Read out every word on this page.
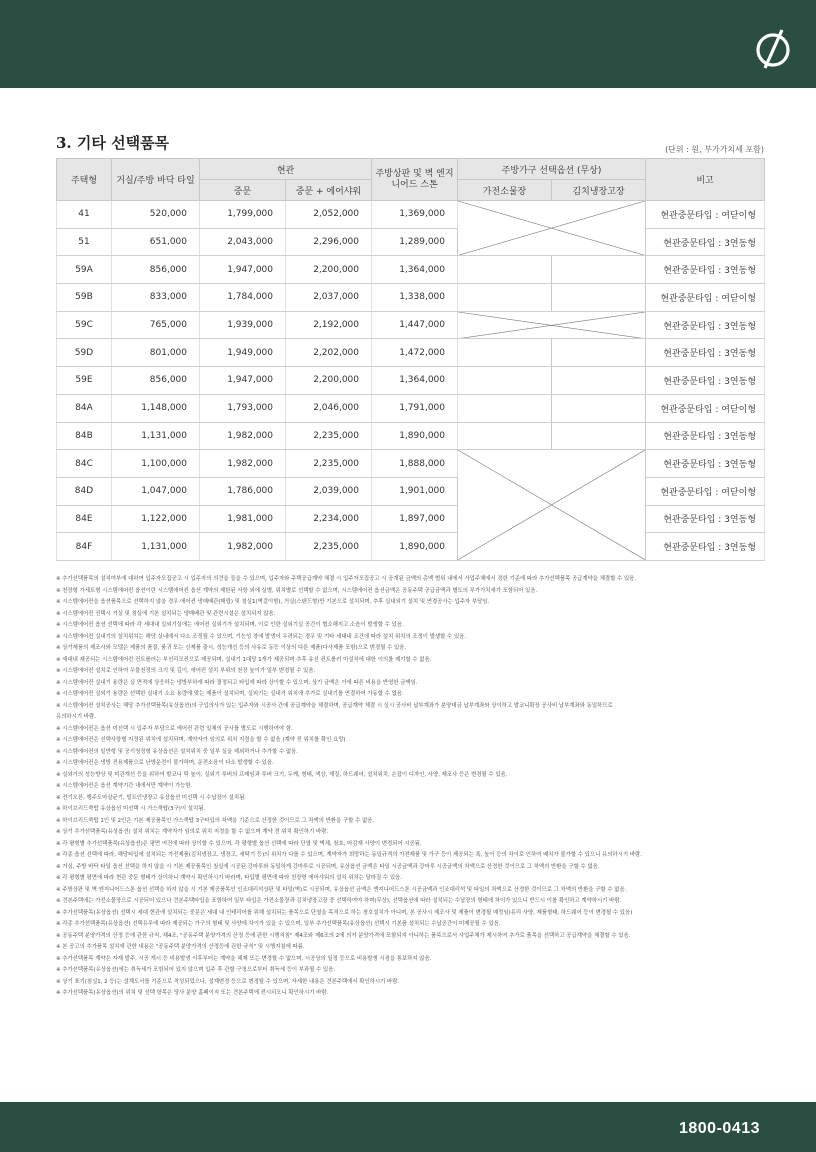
3. 기타 선택품목	(단위 : 원, 부가가치세 포함)
주택형	거실/주방 바닥 타일	현관		주방상판 및 벽 엔지니어드 스톤	주방가구 선택옵션 (무상)		비고
		중문	중문 + 에어샤워		가전소물장	김치냉장고장	
41	520,000	1,799,000	2,052,000	1,369,000			현관중문타입 : 여닫이형
51	651,000	2,043,000	2,296,000	1,289,000			현관중문타입 : 3연동형
59A	856,000	1,947,000	2,200,000	1,364,000			현관중문타입 : 3연동형
59B	833,000	1,784,000	2,037,000	1,338,000			현관중문타입 : 여닫이형
59C	765,000	1,939,000	2,192,000	1,447,000			현관중문타입 : 3연동형
59D	801,000	1,949,000	2,202,000	1,472,000			현관중문타입 : 3연동형
59E	856,000	1,947,000	2,200,000	1,364,000			현관중문타입 : 3연동형
84A	1,148,000	1,793,000	2,046,000	1,791,000			현관중문타입 : 여닫이형
84B	1,131,000	1,982,000	2,235,000	1,890,000			현관중문타입 : 3연동형
84C	1,100,000	1,982,000	2,235,000	1,888,000			현관중문타입 : 3연동형
84D	1,047,000	1,786,000	2,039,000	1,901,000			현관중문타입 : 여닫이형
84E	1,122,000	1,981,000	2,234,000	1,897,000			현관중문타입 : 3연동형
84F	1,131,000	1,982,000	2,235,000	1,890,000			현관중문타입 : 3연동형
※ 추가선택품목의 설치여부에 대하여 입주자모집공고 시 입주자의 의견을 들을 수 있으며, 입주자와 주택공급계약 체결 시 입주자모집공고 시 공개된 금액의 총액 범위 내에서 사업주체에서 정한 기준에 따라 추가선택품목 공급계약을 체결할 수 있음.
※ 천장형 가세트형 시스템에어컨 옵션이란 시스템에어컨 옵션 계약의 제한된 사항 외에 실별, 위치별로 선택할 수 없으며, 시스템에어컨 옵션금액은 공동주택 공급금액과 별도의 부가가치세가 포함되어 있음.
※ 시스템에어컨을 옵션품목으로 선택하지 않을 경우 에어컨 냉매배관(매립) 및 침실1(벽걸이형), 거실(스탠드형)만 기본으로 설치되며, 추후 실내외기 설치 및 연결공사는 입주자 부담임.
※ 시스템에어컨 선택시 거실 및 침실에 기본 설치되는 냉매배관 및 관련시설은 설치되지 않음.
※ 시스템에어컨 옵션 선택에 따라 각 세대내 실외기실에는 에어컨 실외기가 설치되며, 이로 인한 실외기실 공간이 협소해지고 소음이 발생할 수 있음.
※ 시스템에어컨 실내기의 설치위치는 해당 실내에서 다소 조정될 수 있으며, 기능성 장애 발생이 우려되는 경우 및 기타 세대내 조건에 따라 설치 위치의 조정이 발생할 수 있음.
※ 상기제품의 제조사와 모델은 제품의 품질, 품귀 또는 신제품 출시, 성능개선 등의 사유로 동등 이상의 다른 제품(다사제품 포함)으로 변경될 수 있음.
※ 세대내 제공되는 시스템에어컨 컨트롤러는 부선리모컨으로 제공되며, 실내기 1대당 1개가 제공되며 추후 유선 컨트롤러 미설치에 대한 이의를 제기할 수 없음.
※ 시스템에어컨 설치로 인하여 우물천정의 크기 및 깊이, 에어컨 설치 부위의 천장 높이가 일부 변경될 수 있음.
※ 시스템에어컨 실내기 용량은 실 면적에 상응하는 냉방부하에 따라 결정되고 타입에 따라 상이할 수 있으며, 상기 금액은 이에 따른 비용을 반영한 금액임.
※ 시스템에어컨 실외기 용량은 선택한 실내기 소요 용량에 맞는 제품이 설치되며, 실외기는 실내기 위치에 추가로 실내기를 연결하여 가동할 수 없음.
※ 시스템에어컨 설치공사는 해당 추가선택품목(유상옵션)의 구입의사가 있는 입주자와 시공사 간에 공급계약을 체결하며, 공급계약 체결 시 실시 공사비 납부계좌가 분양대금 납부계좌와 상이하고 발코니확장 공사비 납부계좌와 동일하므로
유의하시기 바람.
※ 시스템에어컨은 옵션 미선택 시 입주자 부담으로 에어컨 관련 일체의 공사를 별도로 시행하여야 함.
※ 시스템에어컨은 선택사항별 지정된 위치에 설치되며, 계약자가 임의로 위치 지정을 할 수 없음 (계약 전 위치를 확인 요망)
※ 시스템에어컨의 일반형 및 공기청정형 유상옵션은 설치위치 중 일부 실을 제외하거나 추가할 수 없음.
※ 시스템에어컨은 냉방 전용제품으로 난방운전이 불가하며, 운전소음이 다소 발생할 수 있음.
※ 실외기의 성능향상 및 미관개선 등을 위하여 발코니 턱 높이, 실외기 루버의 프레임과 루버 크기, 두께, 형태, 색상, 재질, 하드웨어, 설치위치, 손잡이 디자인, 사양, 제조사 등은 변경될 수 있음.
※ 시스템에어컨은 옵션 계약기간 내에서만 계약이 가능함.
※ 전기오븐, 행주도마살균기, 빌트인냉장고 유상옵션 미선택 시 수납장이 설치됨.
※ 하이브리드쿡탑 유상옵션 미선택 시 가스쿡탑(3구)이 설치됨.
※ 하이브리드쿡탑 1인 및 2인은 기본 제공품목인 가스쿡탑 3구타입의 차액을 기준으로 산정한 것이므로 그 차액의 반환을 구할 수 없음.
※ 상기 추가선택품목(유상옵션) 설치 위치는 계약자가 임의로 위치 지정을 할 수 없으며 계약 전 위치 확인하기 바람.
※ 각 평형별 추가선택품목(유상옵션)은 평면 여건에 따라 상이할 수 있으며, 각 평형별 옵션 선택에 따라 단열 및 벽체, 창호, 마감재 사양이 변경되어 시공됨.
※ 각종 옵션 선택에 따라, 해당타입에 설치되는 가전제품(김치냉장고, 냉장고, 세탁기 등)의 위치가 다를 수 있으며, 계약자가 희망하는 동일규격의 가전제품 및 가구 등이 제공되는 폭, 높이 등의 차이로 인하여 배치가 불가할 수 있으니 유의하시기 바람.
※ 거실, 주방 바닥 타일 옵션 선택을 하지 않을 시 기본 제공품목인 침실에 시공된 강마루와 동일하게 강마루로 시공되며, 유상옵션 금액은 타일 시공금액과 강마루 시공금액의 차액으로 산정한 것이므로 그 차액의 반환을 구할 수 없음.
※ 각 평형별 평면에 따라 현관 중문 형태가 상이하니 계약시 확인하시기 바라며, 타입별 평면에 따라 천장형 에어샤워의 설치 위치는 달라질 수 있음.
※ 주방상판 및 벽 엔지니어드스톤 옵션 선택을 하지 않을 시 기본 제공품목인 인조대리석상판 및 타일(벽)로 시공되며, 유상옵션 금액은 엔지니어드스톤 시공금액과 인조대리석 및 타일의 차액으로 산정한 것이므로 그 차액의 반환을 구할 수 없음.
※ 견본주택에는 가전소물장으로 시공되어 있으나 견본주택타입을 포함하여 일부 타입은 가전소물장과 김치냉장고장 중 선택하여야 하며(무상), 선택옵션에 따라 설치되는 수납장의 형태에 차이가 있으니 반드시 이를 확인하고 계약하시기 바람.
※ 추가선택품목(유상옵션) 선택시 세대 현관에 설치되는 중문은 세대 내 인테리어를 위해 설치되는 품목으로 단열을 목적으로 하는 창호설치가 아니며, 본 공사시 제조사 및 제품이 변경될 예정임(유리 사양, 제품형태, 하드웨어 등이 변경될 수 있음)
※ 각종 추가선택품목(유상옵션) 선택유무에 따라 제공되는 가구의 형태 및 사양에 차이가 있을 수 있으며, 일부 추가선택품목(유상옵션) 선택시 기본품 설치되는 수납공간이 미제공될 수 있음.
※ 공동주택 분양가격의 산정 등에 관한 규칙, 제4조, "공동주택 분양가격의 산정 등에 관한 시행지침" 제4조와 제6조의 2에 의거 분양가격에 포함되지 아니하는 품목으로서 사업주체가 제시하여 추가로 품목을 선택하고 공급계약을 체결할 수 있음.
※ 본 공고의 추가품목 설치에 관한 내용은 "공동주택 분양가격의 산정등에 관한 규칙" 및 시행지침에 따름.
※ 추가선택품목 계약은 자재 발주, 시공 개시 등 비용발생 이후부터는 계약을 해제 또는 변경할 수 없으며, 시공상의 일정 등으로 비용발생 시점을 통보하지 않음.
※ 추가선택품목(유상옵션)에는 취득세가 포함되어 있지 않으며 입주 후 관할 구청으로부터 취득세 등이 부과될 수 있음.
※ 상기 표기(침실1, 2 등)는 설계도서를 기준으로 작성되었으나, 설계변경 등으로 변경될 수 있으며, 자세한 내용은 견본주택에서 확인하시기 바람.
※ 추가선택품목(유상옵션)의 위치 및 선택 항목은 당사 분양 홈페이지 또는 견본주택에 전시되오니 확인하시기 바람.
1800-0413
